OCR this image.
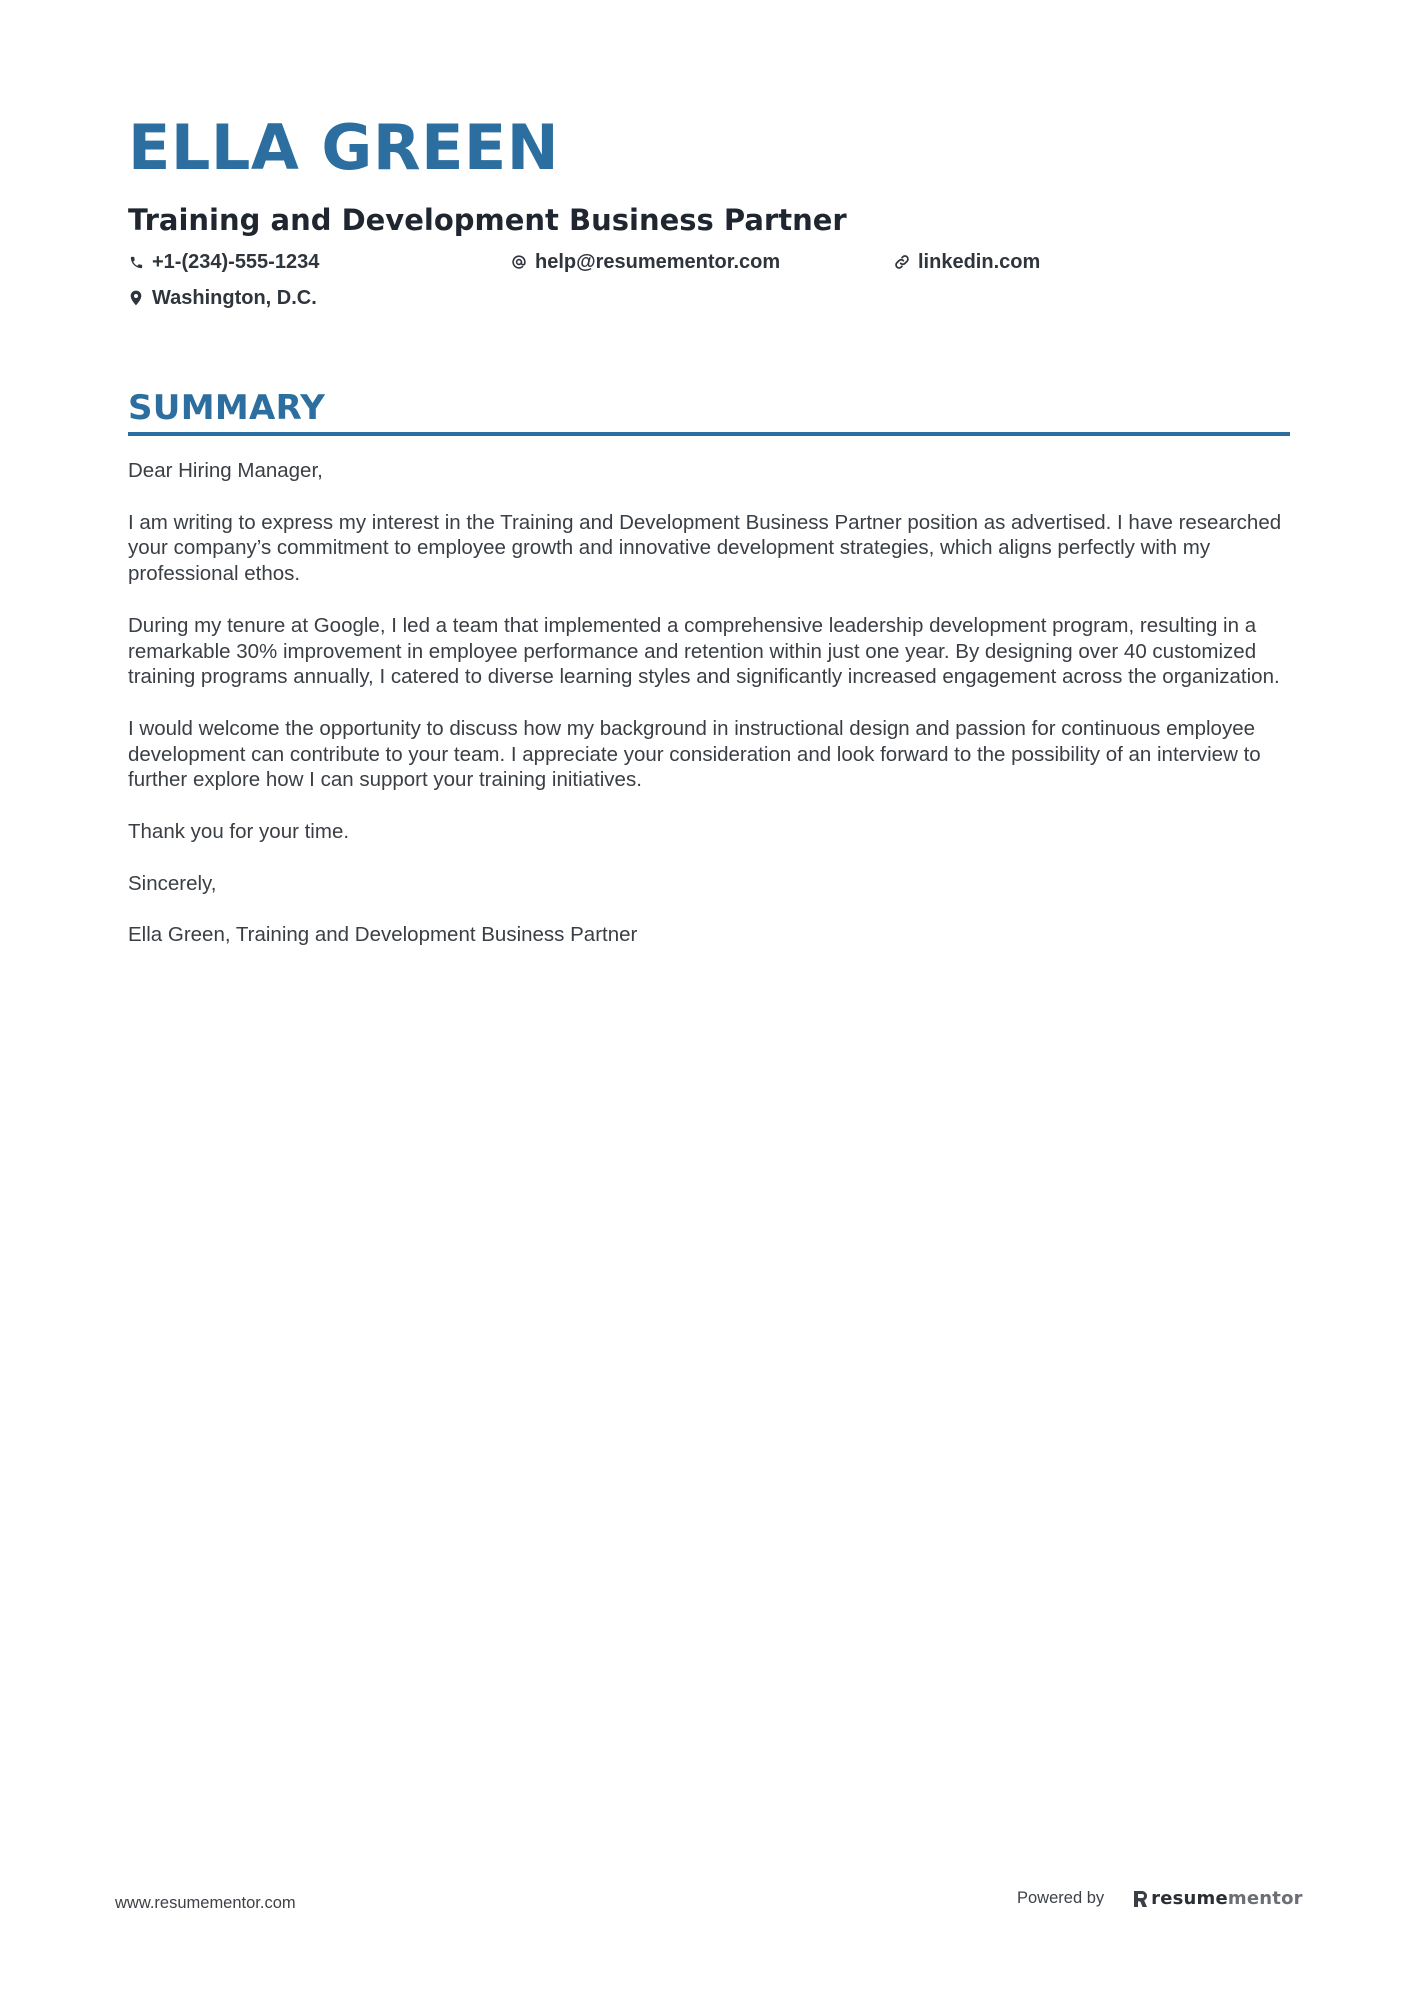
ELLA GREEN
Training and Development Business Partner
+1-(234)-555-1234	help@resumementor.com	linkedin.com
Washington, D.C.
SUMMARY

Dear Hiring Manager,

I am writing to express my interest in the Training and Development Business Partner position as advertised. I have researched your company’s commitment to employee growth and innovative development strategies, which aligns perfectly with my professional ethos.

During my tenure at Google, I led a team that implemented a comprehensive leadership development program, resulting in a remarkable 30% improvement in employee performance and retention within just one year. By designing over 40 customized training programs annually, I catered to diverse learning styles and significantly increased engagement across the organization.

I would welcome the opportunity to discuss how my background in instructional design and passion for continuous employee development can contribute to your team. I appreciate your consideration and look forward to the possibility of an interview to further explore how I can support your training initiatives.

Thank you for your time.

Sincerely,

Ella Green, Training and Development Business Partner

www.resumementor.com	Powered by	resumementor
